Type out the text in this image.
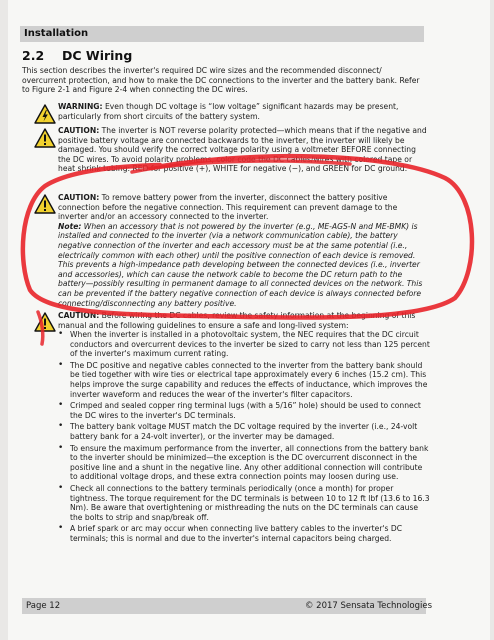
Installation
2.2 DC Wiring
This section describes the inverter's required DC wire sizes and the recommended disconnect/ overcurrent protection, and how to make the DC connections to the inverter and the battery bank. Refer to Figure 2-1 and Figure 2-4 when connecting the DC wires.
WARNING: Even though DC voltage is “low voltage” significant hazards may be present, particularly from short circuits of the battery system.
CAUTION: The inverter is NOT reverse polarity protected—which means that if the negative and positive battery voltage are connected backwards to the inverter, the inverter will likely be damaged. You should verify the correct voltage polarity using a voltmeter BEFORE connecting the DC wires. To avoid polarity problems, color code the DC cables/wires with colored tape or heat shrink tubing: RED for positive (+), WHITE for negative (−), and GREEN for DC ground.
CAUTION: To remove battery power from the inverter, disconnect the battery positive connection before the negative connection. This requirement can prevent damage to the inverter and/or an accessory connected to the inverter.
Note: When an accessory that is not powered by the inverter (e.g., ME-AGS-N and ME-BMK) is installed and connected to the inverter (via a network communication cable), the battery negative connection of the inverter and each accessory must be at the same potential (i.e., electrically common with each other) until the positive connection of each device is removed. This prevents a high-impedance path developing between the connected devices (i.e., inverter and accessories), which can cause the network cable to become the DC return path to the battery—possibly resulting in permanent damage to all connected devices on the network. This can be prevented if the battery negative connection of each device is always connected before connecting/disconnecting any battery positive.
CAUTION: Before wiring the DC cables, review the safety information at the beginning of this manual and the following guidelines to ensure a safe and long-lived system:
• When the inverter is installed in a photovoltaic system, the NEC requires that the DC circuit conductors and overcurrent devices to the inverter be sized to carry not less than 125 percent of the inverter's maximum current rating.
• The DC positive and negative cables connected to the inverter from the battery bank should be tied together with wire ties or electrical tape approximately every 6 inches (15.2 cm). This helps improve the surge capability and reduces the effects of inductance, which improves the inverter waveform and reduces the wear of the inverter's filter capacitors.
• Crimped and sealed copper ring terminal lugs (with a 5/16” hole) should be used to connect the DC wires to the inverter's DC terminals.
• The battery bank voltage MUST match the DC voltage required by the inverter (i.e., 24-volt battery bank for a 24-volt inverter), or the inverter may be damaged.
• To ensure the maximum performance from the inverter, all connections from the battery bank to the inverter should be minimized—the exception is the DC overcurrent disconnect in the positive line and a shunt in the negative line. Any other additional connection will contribute to additional voltage drops, and these extra connection points may loosen during use.
• Check all connections to the battery terminals periodically (once a month) for proper tightness. The torque requirement for the DC terminals is between 10 to 12 ft lbf (13.6 to 16.3 Nm). Be aware that overtightening or misthreading the nuts on the DC terminals can cause the bolts to strip and snap/break off.
• A brief spark or arc may occur when connecting live battery cables to the inverter's DC terminals; this is normal and due to the inverter's internal capacitors being charged.
Page 12	© 2017 Sensata Technologies
